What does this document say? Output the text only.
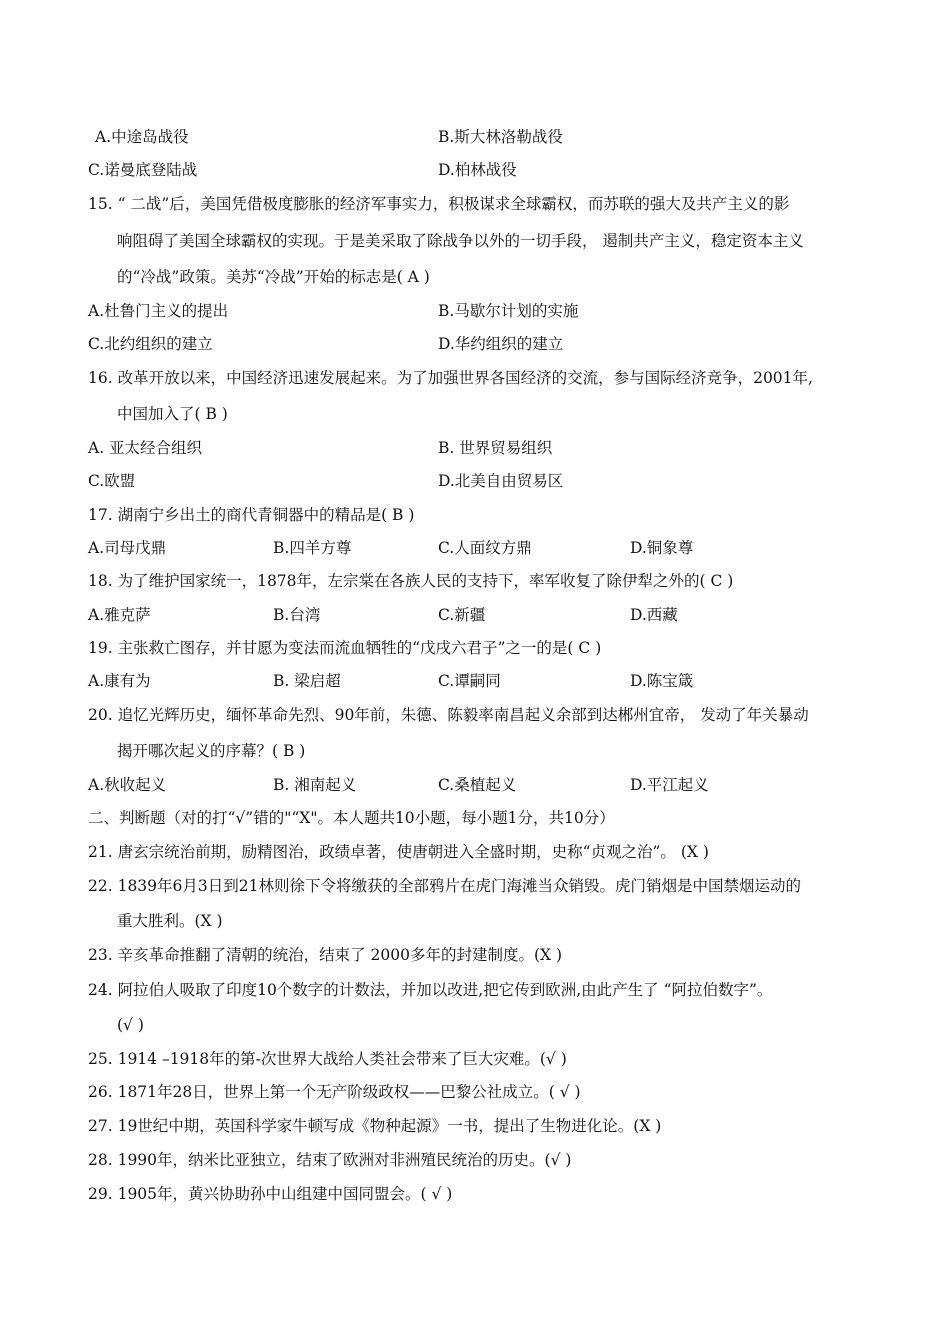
A.中途岛战役	B.斯大林洛勒战役
C.诺曼底登陆战	D.柏林战役
15. “ 二战”后，美国凭借极度膨胀的经济军事实力，积极谋求全球霸权，而苏联的强大及共产主义的影
响阻碍了美国全球霸权的实现。于是美采取了除战争以外的一切手段， 遏制共产主义，稳定资本主义
的“冷战”政策。美苏“冷战”开始的标志是( A )
A.杜鲁门主义的提出	B.马歇尔计划的实施
C.北约组织的建立	D.华约组织的建立
16. 改革开放以来，中国经济迅速发展起来。为了加强世界各国经济的交流，参与国际经济竞争，2001年,
中国加入了( B )
A. 亚太经合组织	B. 世界贸易组织
C.欧盟	D.北美自由贸易区
17. 湖南宁乡出土的商代青铜器中的精品是( B )
A.司母戊鼎	B.四羊方尊	C.人面纹方鼎	D.铜象尊
18. 为了维护国家统一，1878年，左宗棠在各族人民的支持下，率军收复了除伊犁之外的( C )
A.雅克萨	B.台湾	C.新疆	D.西藏
19. 主张救亡图存，并甘愿为变法而流血牺牲的“戊戌六君子”之一的是( C )
A.康有为	B. 梁启超	C.谭嗣同	D.陈宝箴
20. 追忆光辉历史，缅怀革命先烈、90年前，朱德、陈毅率南昌起义余部到达郴州宜帝， 发动了年关暴动
揭开哪次起义的序幕？( B )
A.秋收起义	B. 湘南起义	C.桑植起义	D.平江起义
二、判断题（对的打“√”错的"“X"。本人题共10小题，每小题1分，共10分）
21. 唐玄宗统治前期，励精图治，政绩卓著，使唐朝进入全盛时期，史称“贞观之治”。 (X )
22. 1839年6月3日到21林则徐下令将缴获的全部鸦片在虎门海滩当众销毁。虎门销烟是中国禁烟运动的
重大胜利。(X )
23. 辛亥革命推翻了清朝的统治，结束了 2000多年的封建制度。(X )
24. 阿拉伯人吸取了印度10个数字的计数法，并加以改进,把它传到欧洲,由此产生了 “阿拉伯数字”。
(√ )
25. 1914 –1918年的第-次世界大战给人类社会带来了巨大灾难。(√ )
26. 1871年28日，世界上第一个无产阶级政权——巴黎公社成立。( √ )
27. 19世纪中期，英国科学家牛顿写成《物种起源》一书，提出了生物进化论。(X )
28. 1990年，纳米比亚独立，结束了欧洲对非洲殖民统治的历史。(√ )
29. 1905年，黄兴协助孙中山组建中国同盟会。( √ )
